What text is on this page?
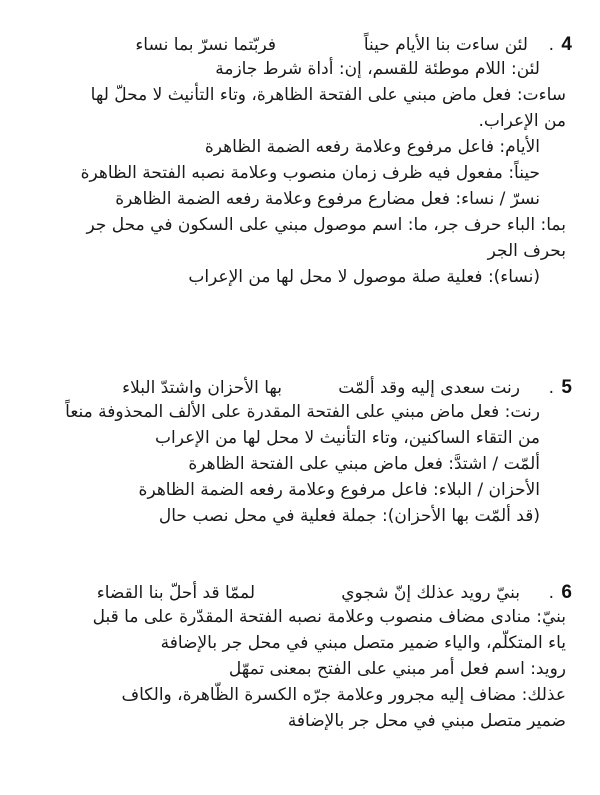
4
.
لئن ساءت بنا الأيام حيناً
فربّتما نسرّ بما نساء
لئن: اللام موطئة للقسم، إن: أداة شرط جازمة
ساءت: فعل ماض مبني على الفتحة الظاهرة، وتاء التأنيث لا محلّ لها
من الإعراب.
الأيام: فاعل مرفوع وعلامة رفعه الضمة الظاهرة
حيناً: مفعول فيه ظرف زمان منصوب وعلامة نصبه الفتحة الظاهرة
نسرّ / نساء: فعل مضارع مرفوع وعلامة رفعه الضمة الظاهرة
بما: الباء حرف جر، ما: اسم موصول مبني على السكون في محل جر
بحرف الجر
(نساء): فعلية صلة موصول لا محل لها من الإعراب
5
.
رنت سعدى إليه وقد ألمّت
بها الأحزان واشتدّ البلاء
رنت: فعل ماض مبني على الفتحة المقدرة على الألف المحذوفة منعاً
من التقاء الساكنين، وتاء التأنيث لا محل لها من الإعراب
ألمّت / اشتدَّ: فعل ماض مبني على الفتحة الظاهرة
الأحزان / البلاء: فاعل مرفوع وعلامة رفعه الضمة الظاهرة
(قد ألمّت بها الأحزان): جملة فعلية في محل نصب حال
6
.
بنيّ رويد عذلك إنّ شجوي
لممّا قد أحلّ بنا القضاء
بنيّ: منادى مضاف منصوب وعلامة نصبه الفتحة المقدّرة على ما قبل
ياء المتكلّم، والياء ضمير متصل مبني في محل جر بالإضافة
رويد: اسم فعل أمر مبني على الفتح بمعنى تمهّل
عذلك: مضاف إليه مجرور وعلامة جرّه الكسرة الظّاهرة، والكاف
ضمير متصل مبني في محل جر بالإضافة
